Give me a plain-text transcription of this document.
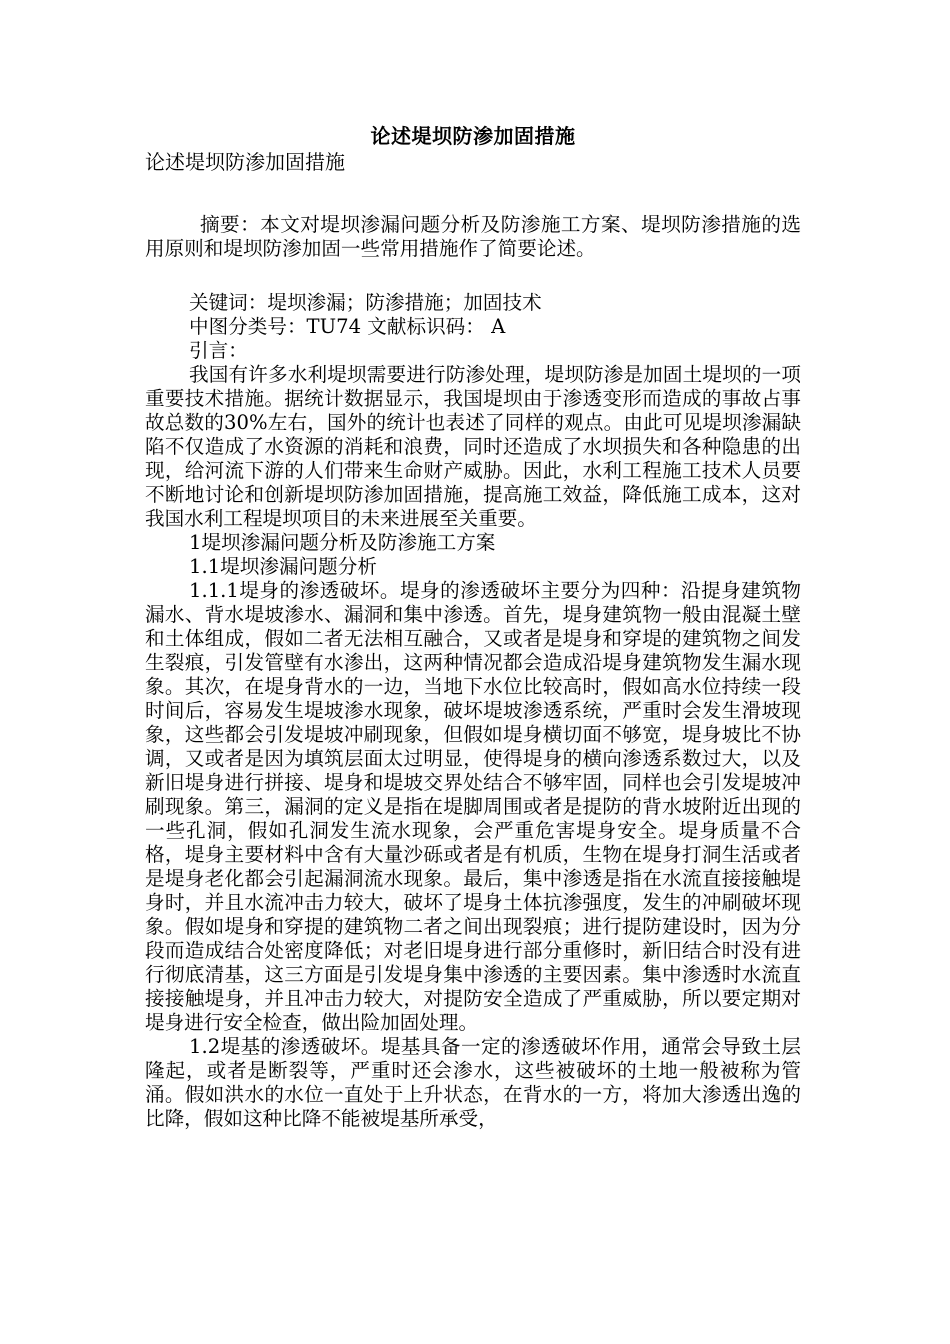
论述堤坝防渗加固措施

论述堤坝防渗加固措施

摘要：本文对堤坝渗漏问题分析及防渗施工方案、堤坝防渗措施的选用原则和堤坝防渗加固一些常用措施作了简要论述。

关键词：堤坝渗漏；防渗措施；加固技术

中图分类号：TU74 文献标识码： A

引言：

我国有许多水利堤坝需要进行防渗处理，堤坝防渗是加固土堤坝的一项重要技术措施。据统计数据显示，我国堤坝由于渗透变形而造成的事故占事故总数的30%左右，国外的统计也表述了同样的观点。由此可见堤坝渗漏缺陷不仅造成了水资源的消耗和浪费，同时还造成了水坝损失和各种隐患的出现，给河流下游的人们带来生命财产威胁。因此，水利工程施工技术人员要不断地讨论和创新堤坝防渗加固措施，提高施工效益，降低施工成本，这对我国水利工程堤坝项目的未来进展至关重要。

1堤坝渗漏问题分析及防渗施工方案

1.1堤坝渗漏问题分析

1.1.1堤身的渗透破坏。堤身的渗透破坏主要分为四种：沿提身建筑物漏水、背水堤坡渗水、漏洞和集中渗透。首先，堤身建筑物一般由混凝土壁和土体组成，假如二者无法相互融合，又或者是堤身和穿堤的建筑物之间发生裂痕，引发管壁有水渗出，这两种情况都会造成沿堤身建筑物发生漏水现象。其次，在堤身背水的一边，当地下水位比较高时，假如高水位持续一段时间后，容易发生堤坡渗水现象，破坏堤坡渗透系统，严重时会发生滑坡现象，这些都会引发堤坡冲刷现象，但假如堤身横切面不够宽，堤身坡比不协调，又或者是因为填筑层面太过明显，使得堤身的横向渗透系数过大，以及新旧堤身进行拼接、堤身和堤坡交界处结合不够牢固，同样也会引发堤坡冲刷现象。第三，漏洞的定义是指在堤脚周围或者是提防的背水坡附近出现的一些孔洞，假如孔洞发生流水现象，会严重危害堤身安全。堤身质量不合格，堤身主要材料中含有大量沙砾或者是有机质，生物在堤身打洞生活或者是堤身老化都会引起漏洞流水现象。最后，集中渗透是指在水流直接接触堤身时，并且水流冲击力较大，破坏了堤身土体抗渗强度，发生的冲刷破坏现象。假如堤身和穿提的建筑物二者之间出现裂痕；进行提防建设时，因为分段而造成结合处密度降低；对老旧堤身进行部分重修时，新旧结合时没有进行彻底清基，这三方面是引发堤身集中渗透的主要因素。集中渗透时水流直接接触堤身，并且冲击力较大，对提防安全造成了严重威胁，所以要定期对堤身进行安全检查，做出险加固处理。

1.2堤基的渗透破坏。堤基具备一定的渗透破坏作用，通常会导致土层隆起，或者是断裂等，严重时还会渗水，这些被破坏的土地一般被称为管涌。假如洪水的水位一直处于上升状态，在背水的一方，将加大渗透出逸的比降，假如这种比降不能被堤基所承受，
